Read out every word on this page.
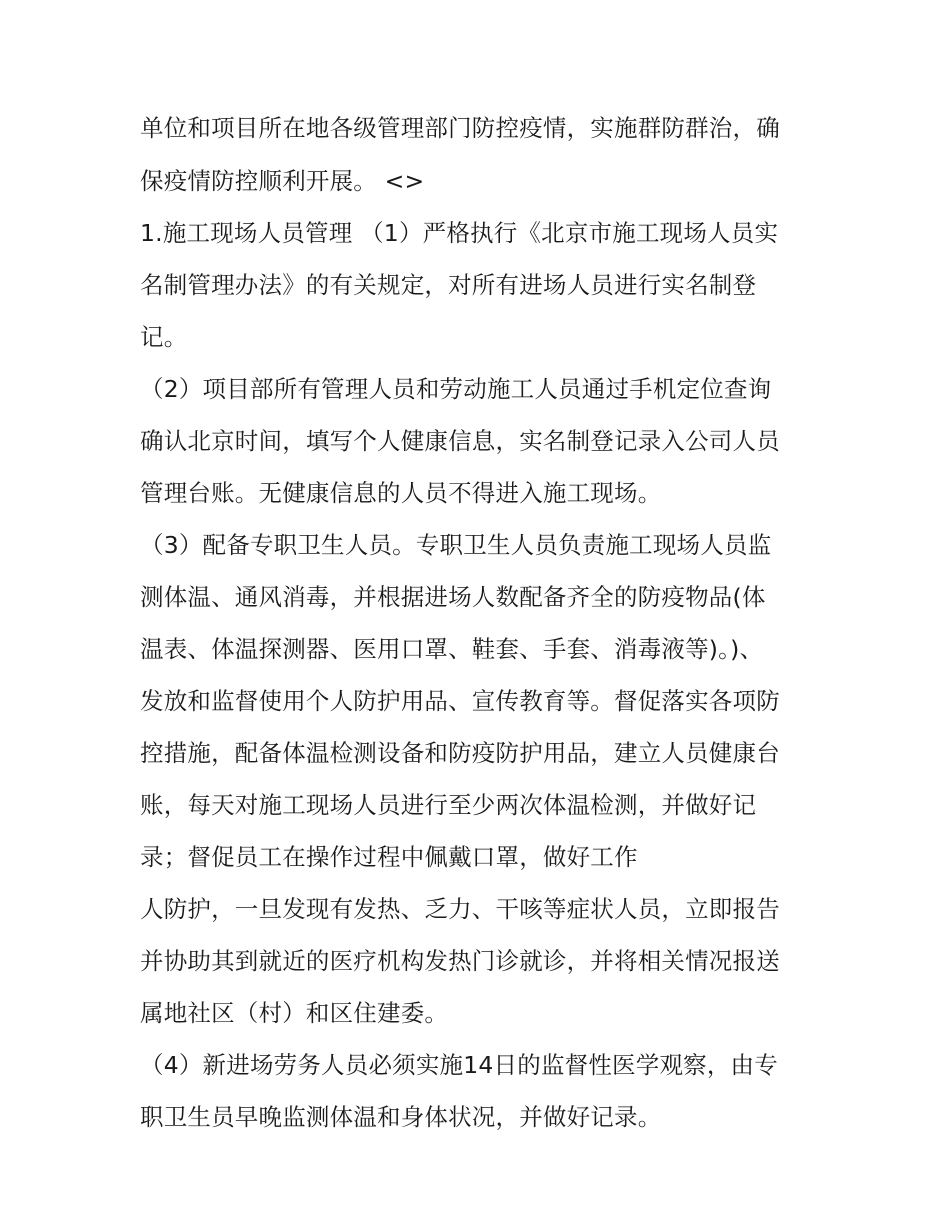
单位和项目所在地各级管理部门防控疫情，实施群防群治，确
保疫情防控顺利开展。 <>
1.施工现场人员管理 （1）严格执行《北京市施工现场人员实
名制管理办法》的有关规定，对所有进场人员进行实名制登
记。
（2）项目部所有管理人员和劳动施工人员通过手机定位查询
确认北京时间，填写个人健康信息，实名制登记录入公司人员
管理台账。无健康信息的人员不得进入施工现场。
（3）配备专职卫生人员。专职卫生人员负责施工现场人员监
测体温、通风消毒，并根据进场人数配备齐全的防疫物品(体
温表、体温探测器、医用口罩、鞋套、手套、消毒液等)。)、
发放和监督使用个人防护用品、宣传教育等。督促落实各项防
控措施，配备体温检测设备和防疫防护用品，建立人员健康台
账，每天对施工现场人员进行至少两次体温检测，并做好记
录；督促员工在操作过程中佩戴口罩，做好工作
人防护，一旦发现有发热、乏力、干咳等症状人员，立即报告
并协助其到就近的医疗机构发热门诊就诊，并将相关情况报送
属地社区（村）和区住建委。
（4）新进场劳务人员必须实施14日的监督性医学观察，由专
职卫生员早晚监测体温和身体状况，并做好记录。
